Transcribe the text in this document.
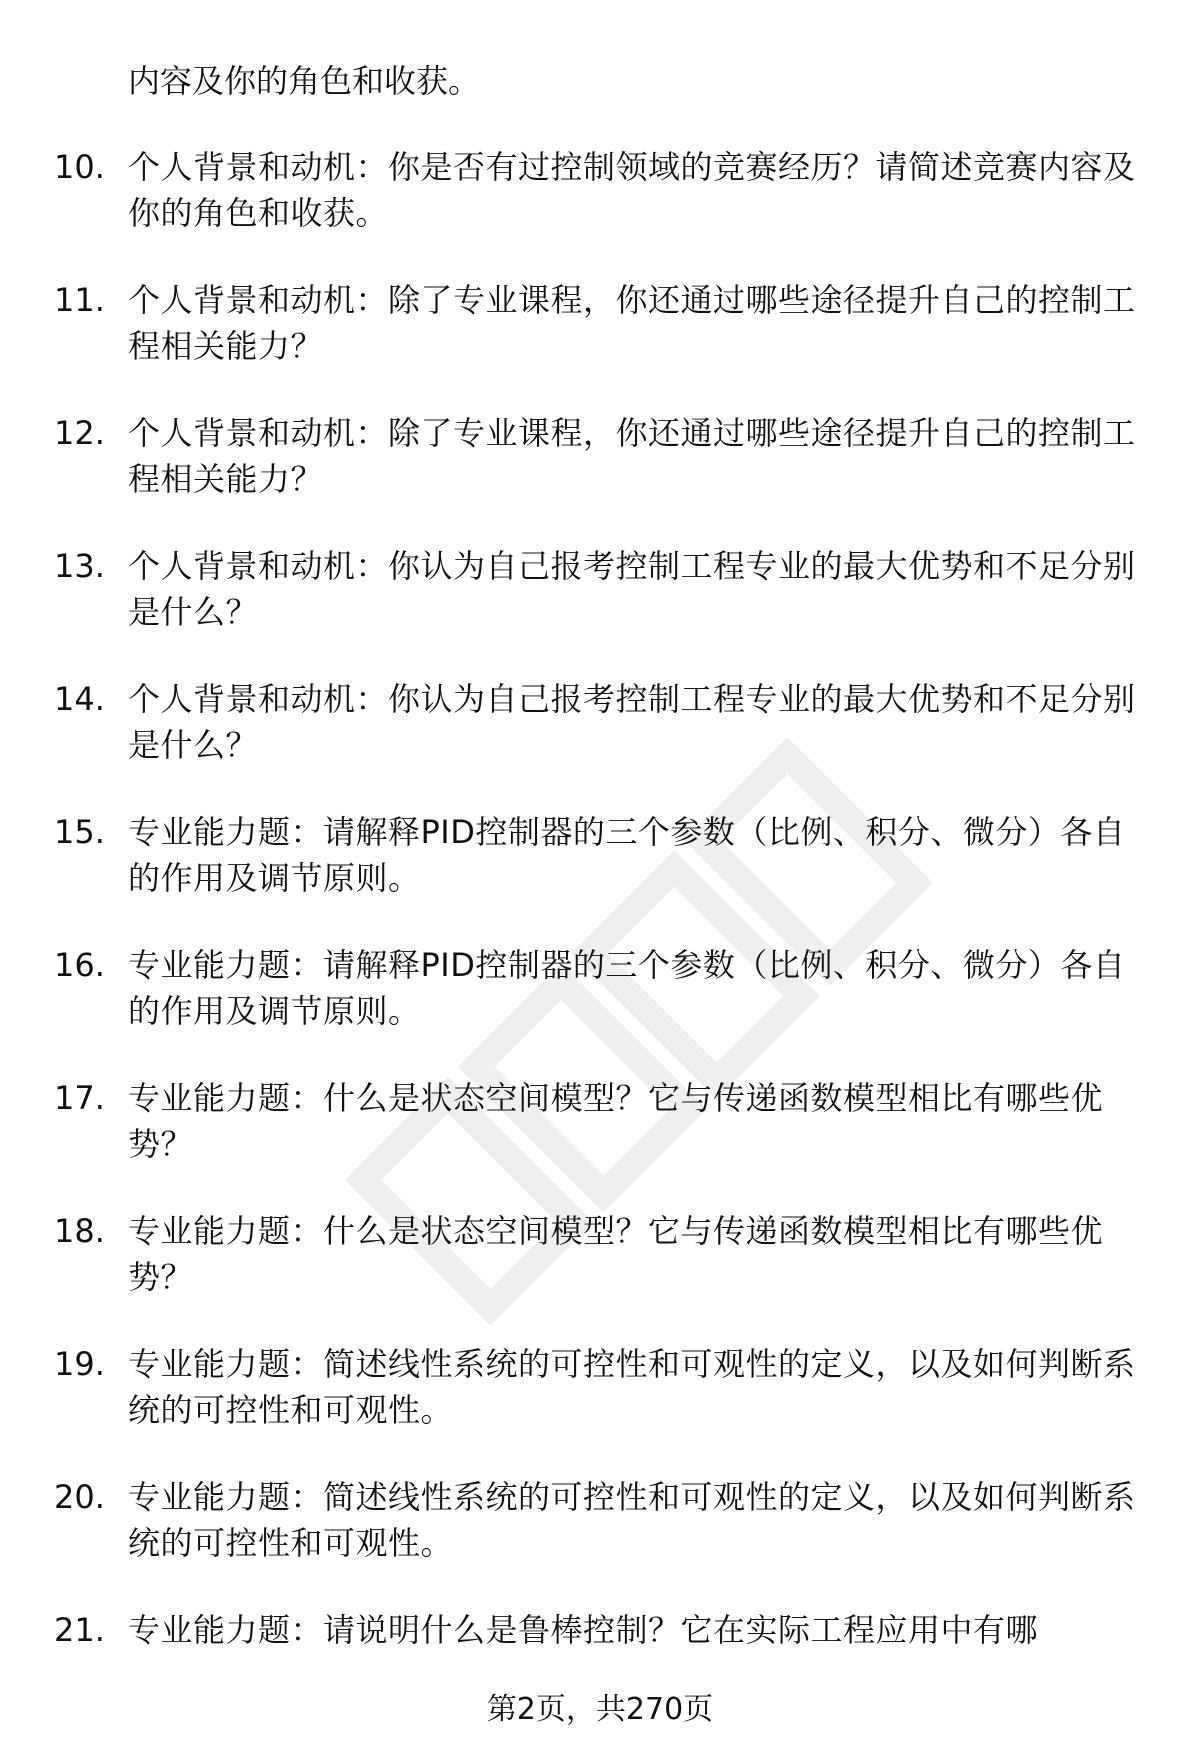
内容及你的角色和收获。
10. 个人背景和动机：你是否有过控制领域的竞赛经历？请简述竞赛内容及你的角色和收获。
11. 个人背景和动机：除了专业课程，你还通过哪些途径提升自己的控制工程相关能力？
12. 个人背景和动机：除了专业课程，你还通过哪些途径提升自己的控制工程相关能力？
13. 个人背景和动机：你认为自己报考控制工程专业的最大优势和不足分别是什么？
14. 个人背景和动机：你认为自己报考控制工程专业的最大优势和不足分别是什么？
15. 专业能力题：请解释PID控制器的三个参数（比例、积分、微分）各自的作用及调节原则。
16. 专业能力题：请解释PID控制器的三个参数（比例、积分、微分）各自的作用及调节原则。
17. 专业能力题：什么是状态空间模型？它与传递函数模型相比有哪些优势？
18. 专业能力题：什么是状态空间模型？它与传递函数模型相比有哪些优势？
19. 专业能力题：简述线性系统的可控性和可观性的定义，以及如何判断系统的可控性和可观性。
20. 专业能力题：简述线性系统的可控性和可观性的定义，以及如何判断系统的可控性和可观性。
21. 专业能力题：请说明什么是鲁棒控制？它在实际工程应用中有哪
第2页，共270页
